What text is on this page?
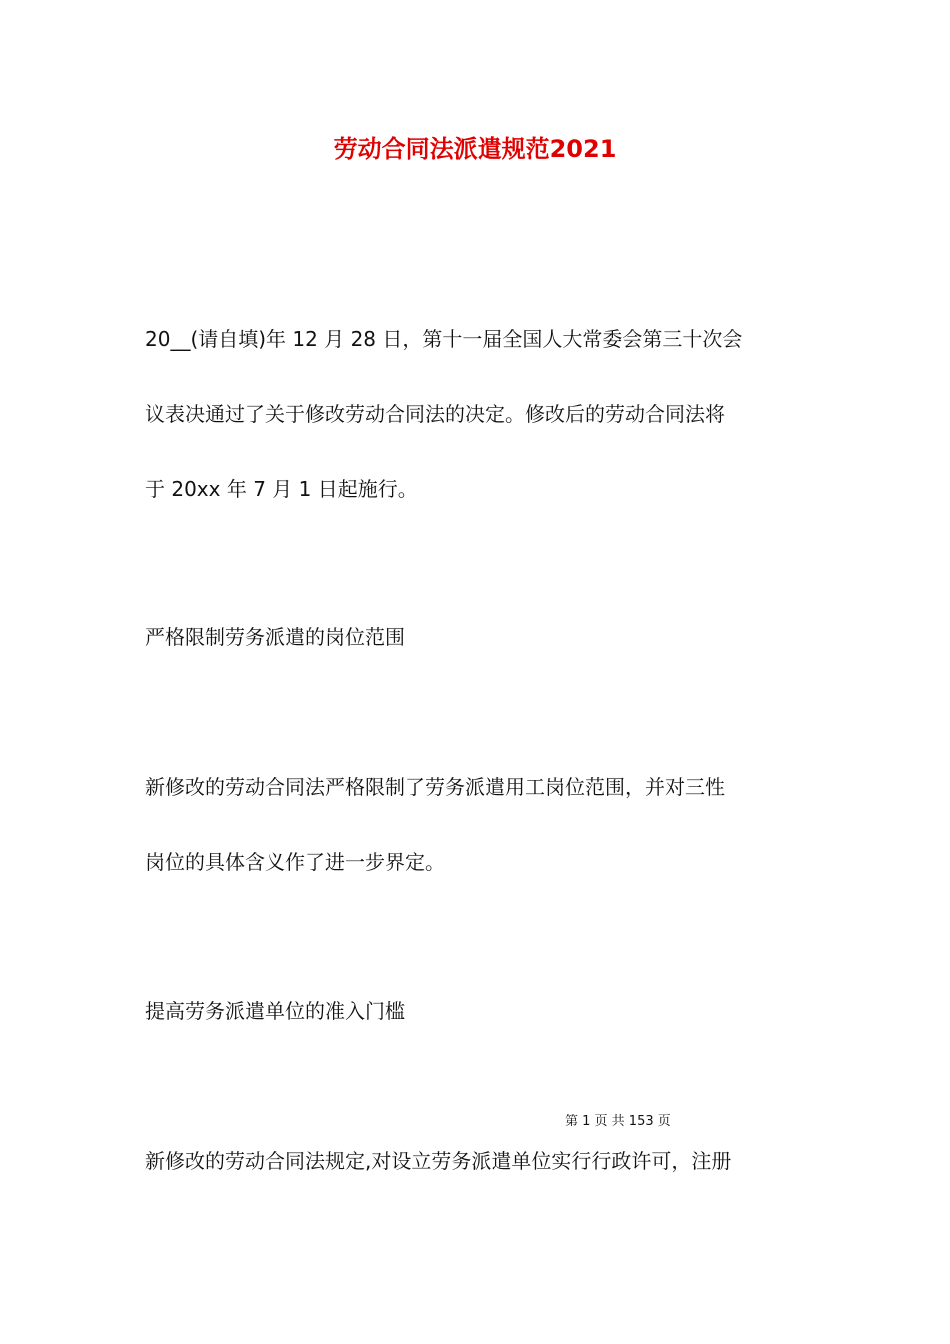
劳动合同法派遣规范2021
20__(请自填)年 12 月 28 日，第十一届全国人大常委会第三十次会
议表决通过了关于修改劳动合同法的决定。修改后的劳动合同法将
于 20xx 年 7 月 1 日起施行。
严格限制劳务派遣的岗位范围
新修改的劳动合同法严格限制了劳务派遣用工岗位范围，并对三性
岗位的具体含义作了进一步界定。
提高劳务派遣单位的准入门槛
第 1 页 共 153 页
新修改的劳动合同法规定,对设立劳务派遣单位实行行政许可，注册
